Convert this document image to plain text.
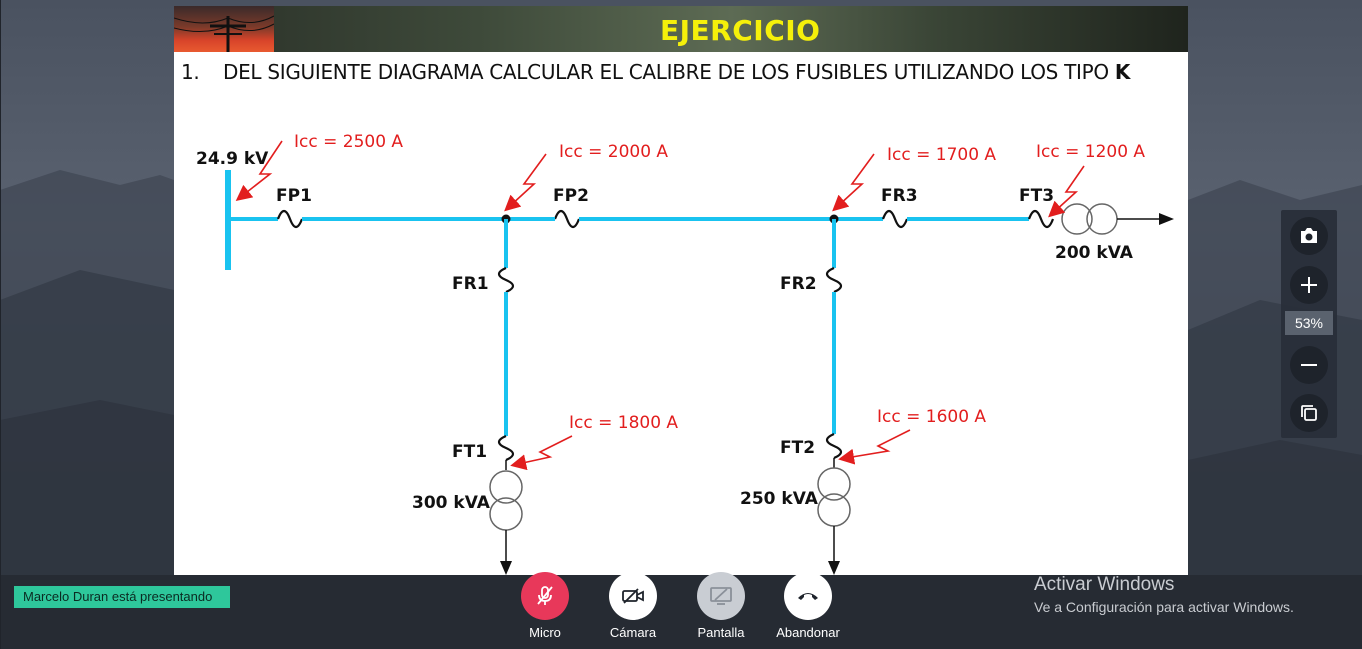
EJERCICIO
1. DEL SIGUIENTE DIAGRAMA CALCULAR EL CALIBRE DE LOS FUSIBLES UTILIZANDO LOS TIPO K
24.9 kV
FP1	FP2	FR3	FT3
FR1	FR2
FT1	FT2
200 kVA
300 kVA	250 kVA
Icc = 2500 A	Icc = 2000 A	Icc = 1700 A Icc = 1200 A
Icc = 1800 A	Icc = 1600 A
53%
Marcelo Duran está presentando
Micro	Cámara	Pantalla	Abandonar
Activar Windows
Ve a Configuración para activar Windows.
